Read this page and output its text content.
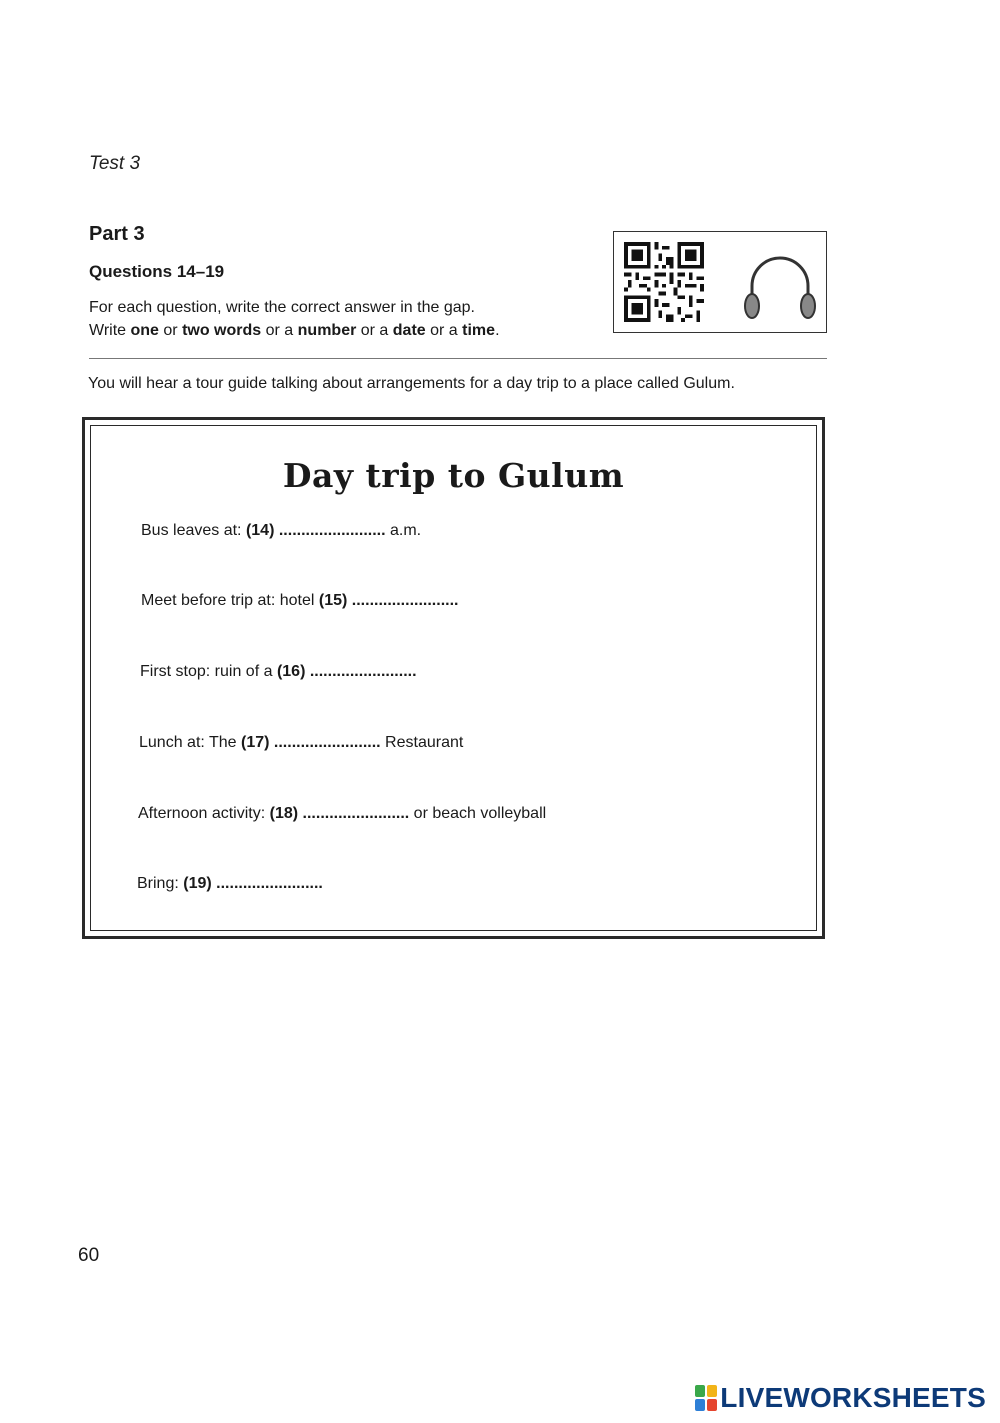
Test 3
Part 3
Questions 14–19
For each question, write the correct answer in the gap.
Write one or two words or a number or a date or a time.
You will hear a tour guide talking about arrangements for a day trip to a place called Gulum.
Day trip to Gulum
Bus leaves at: (14) ........................ a.m.
Meet before trip at: hotel (15) ........................
First stop: ruin of a (16) ........................
Lunch at: The (17) ........................ Restaurant
Afternoon activity: (18) ........................ or beach volleyball
Bring: (19) ........................
60
LIVEWORKSHEETS
